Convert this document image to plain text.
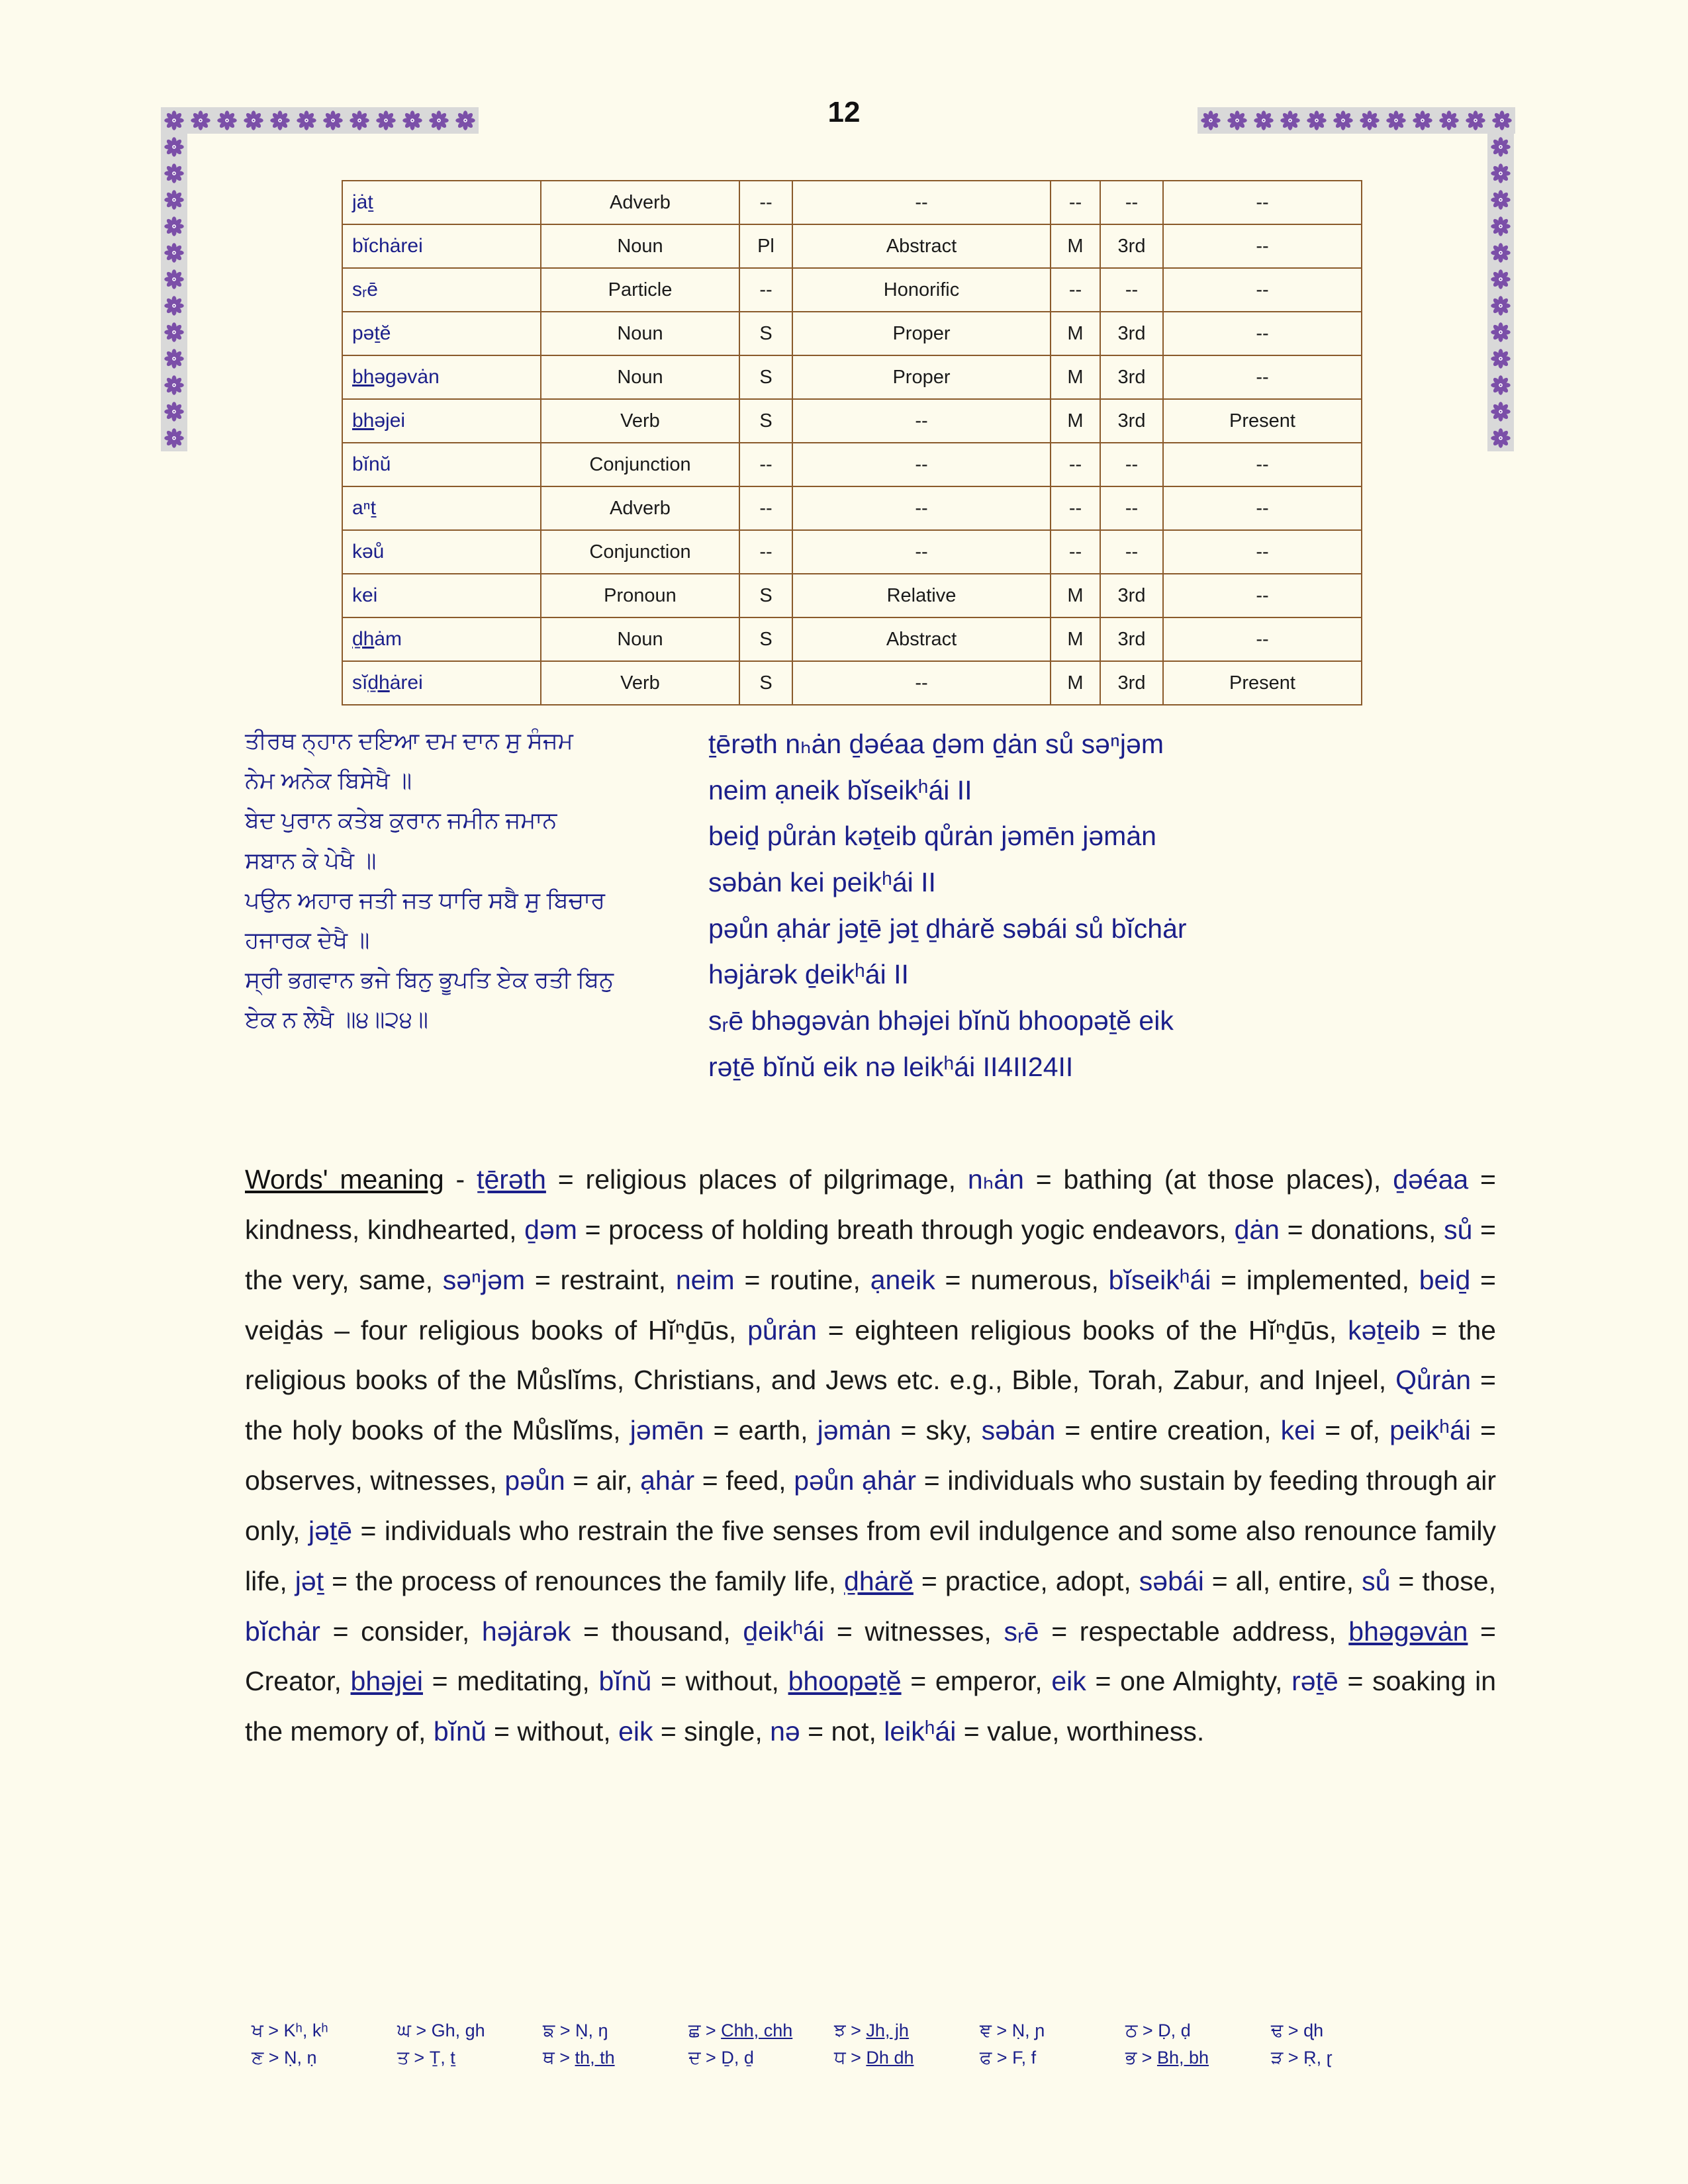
12
jȧṯ	Adverb	--	--	--	--	--
bĭchȧrei	Noun	Pl	Abstract	M	3rd	--
sᵣē	Particle	--	Honorific	--	--	--
pəṯĕ	Noun	S	Proper	M	3rd	--
bhəgəvȧn	Noun	S	Proper	M	3rd	--
bhəjei	Verb	S	--	M	3rd	Present
bĭnŭ	Conjunction	--	--	--	--	--
aⁿṯ	Adverb	--	--	--	--	--
kəů	Conjunction	--	--	--	--	--
kei	Pronoun	S	Relative	M	3rd	--
ḏhȧm	Noun	S	Abstract	M	3rd	--
sĭḏhȧrei	Verb	S	--	M	3rd	Present
ਤੀਰਥ ਨ੍ਹਾਨ ਦਇਆ ਦਮ ਦਾਨ ਸੁ ਸੰਜਮ
ਨੇਮ ਅਨੇਕ ਬਿਸੇਖੈ ॥
ਬੇਦ ਪੁਰਾਨ ਕਤੇਬ ਕੁਰਾਨ ਜਮੀਨ ਜਮਾਨ
ਸਬਾਨ ਕੇ ਪੇਖੈ ॥
ਪਉਨ ਅਹਾਰ ਜਤੀ ਜਤ ਧਾਰਿ ਸਬੈ ਸੁ ਬਿਚਾਰ
ਹਜਾਰਕ ਦੇਖੈ ॥
ਸ੍ਰੀ ਭਗਵਾਨ ਭਜੇ ਬਿਨੁ ਭੂਪਤਿ ਏਕ ਰਤੀ ਬਿਨੁ
ਏਕ ਨ ਲੇਖੈ ॥੪॥੨੪॥
ṯērəth nₕȧn ḏəéaa ḏəm ḏȧn sů səⁿjəm
neim ạneik bĭseikʰái II
beiḏ půrȧn kəṯeib qůrȧn jəmēn jəmȧn
səbȧn kei peikʰái II
pəůn ạhȧr jəṯē jəṯ ḏhȧrĕ səbái sů bĭchȧr
həjȧrək ḏeikʰái II
sᵣē bhəgəvȧn bhəjei bĭnŭ bhoopəṯĕ eik
rəṯē bĭnŭ eik nə leikʰái II4II24II
Words' meaning - ṯērəth = religious places of pilgrimage, nₕȧn = bathing (at those places), ḏəéaa = kindness, kindhearted, ḏəm = process of holding breath through yogic endeavors, ḏȧn = donations, sů = the very, same, səⁿjəm = restraint, neim = routine, ạneik = numerous, bĭseikʰái = implemented, beiḏ = veiḏȧs – four religious books of Hĭⁿḏūs, půrȧn = eighteen religious books of the Hĭⁿḏūs, kəṯeib = the religious books of the Můslĭms, Christians, and Jews etc. e.g., Bible, Torah, Zabur, and Injeel, Qůrȧn = the holy books of the Můslĭms, jəmēn = earth, jəmȧn = sky, səbȧn = entire creation, kei = of, peikʰái = observes, witnesses, pəůn = air, ạhȧr = feed, pəůn ạhȧr = individuals who sustain by feeding through air only, jəṯē = individuals who restrain the five senses from evil indulgence and some also renounce family life, jəṯ = the process of renounces the family life, ḏhȧrĕ = practice, adopt, səbái = all, entire, sů = those, bĭchȧr = consider, həjȧrək = thousand, ḏeikʰái = witnesses, sᵣē = respectable address, bhəgəvȧn = Creator, bhəjei = meditating, bĭnŭ = without, bhoopəṯĕ = emperor, eik = one Almighty, rəṯē = soaking in the memory of, bĭnŭ = without, eik = single, nə = not, leikʰái = value, worthiness.
ਖ > Kʰ, kʰ	ਘ > Gh, gh	ਙ > Ṇ, ŋ	ਛ > Chh, chh	ਝ > Jh, jh	ਞ > Ṇ, ɲ	ਠ > Ḍ, ḍ	ਢ > ɖh
ਣ > Ṇ, ṇ	ਤ > Ṯ, ṯ	ਥ > th, th	ਦ > Ḏ, ḏ	ਧ > Dh dh	ਫ > F, f	ਭ > Bh, bh	ੜ > Ṛ, ɽ
